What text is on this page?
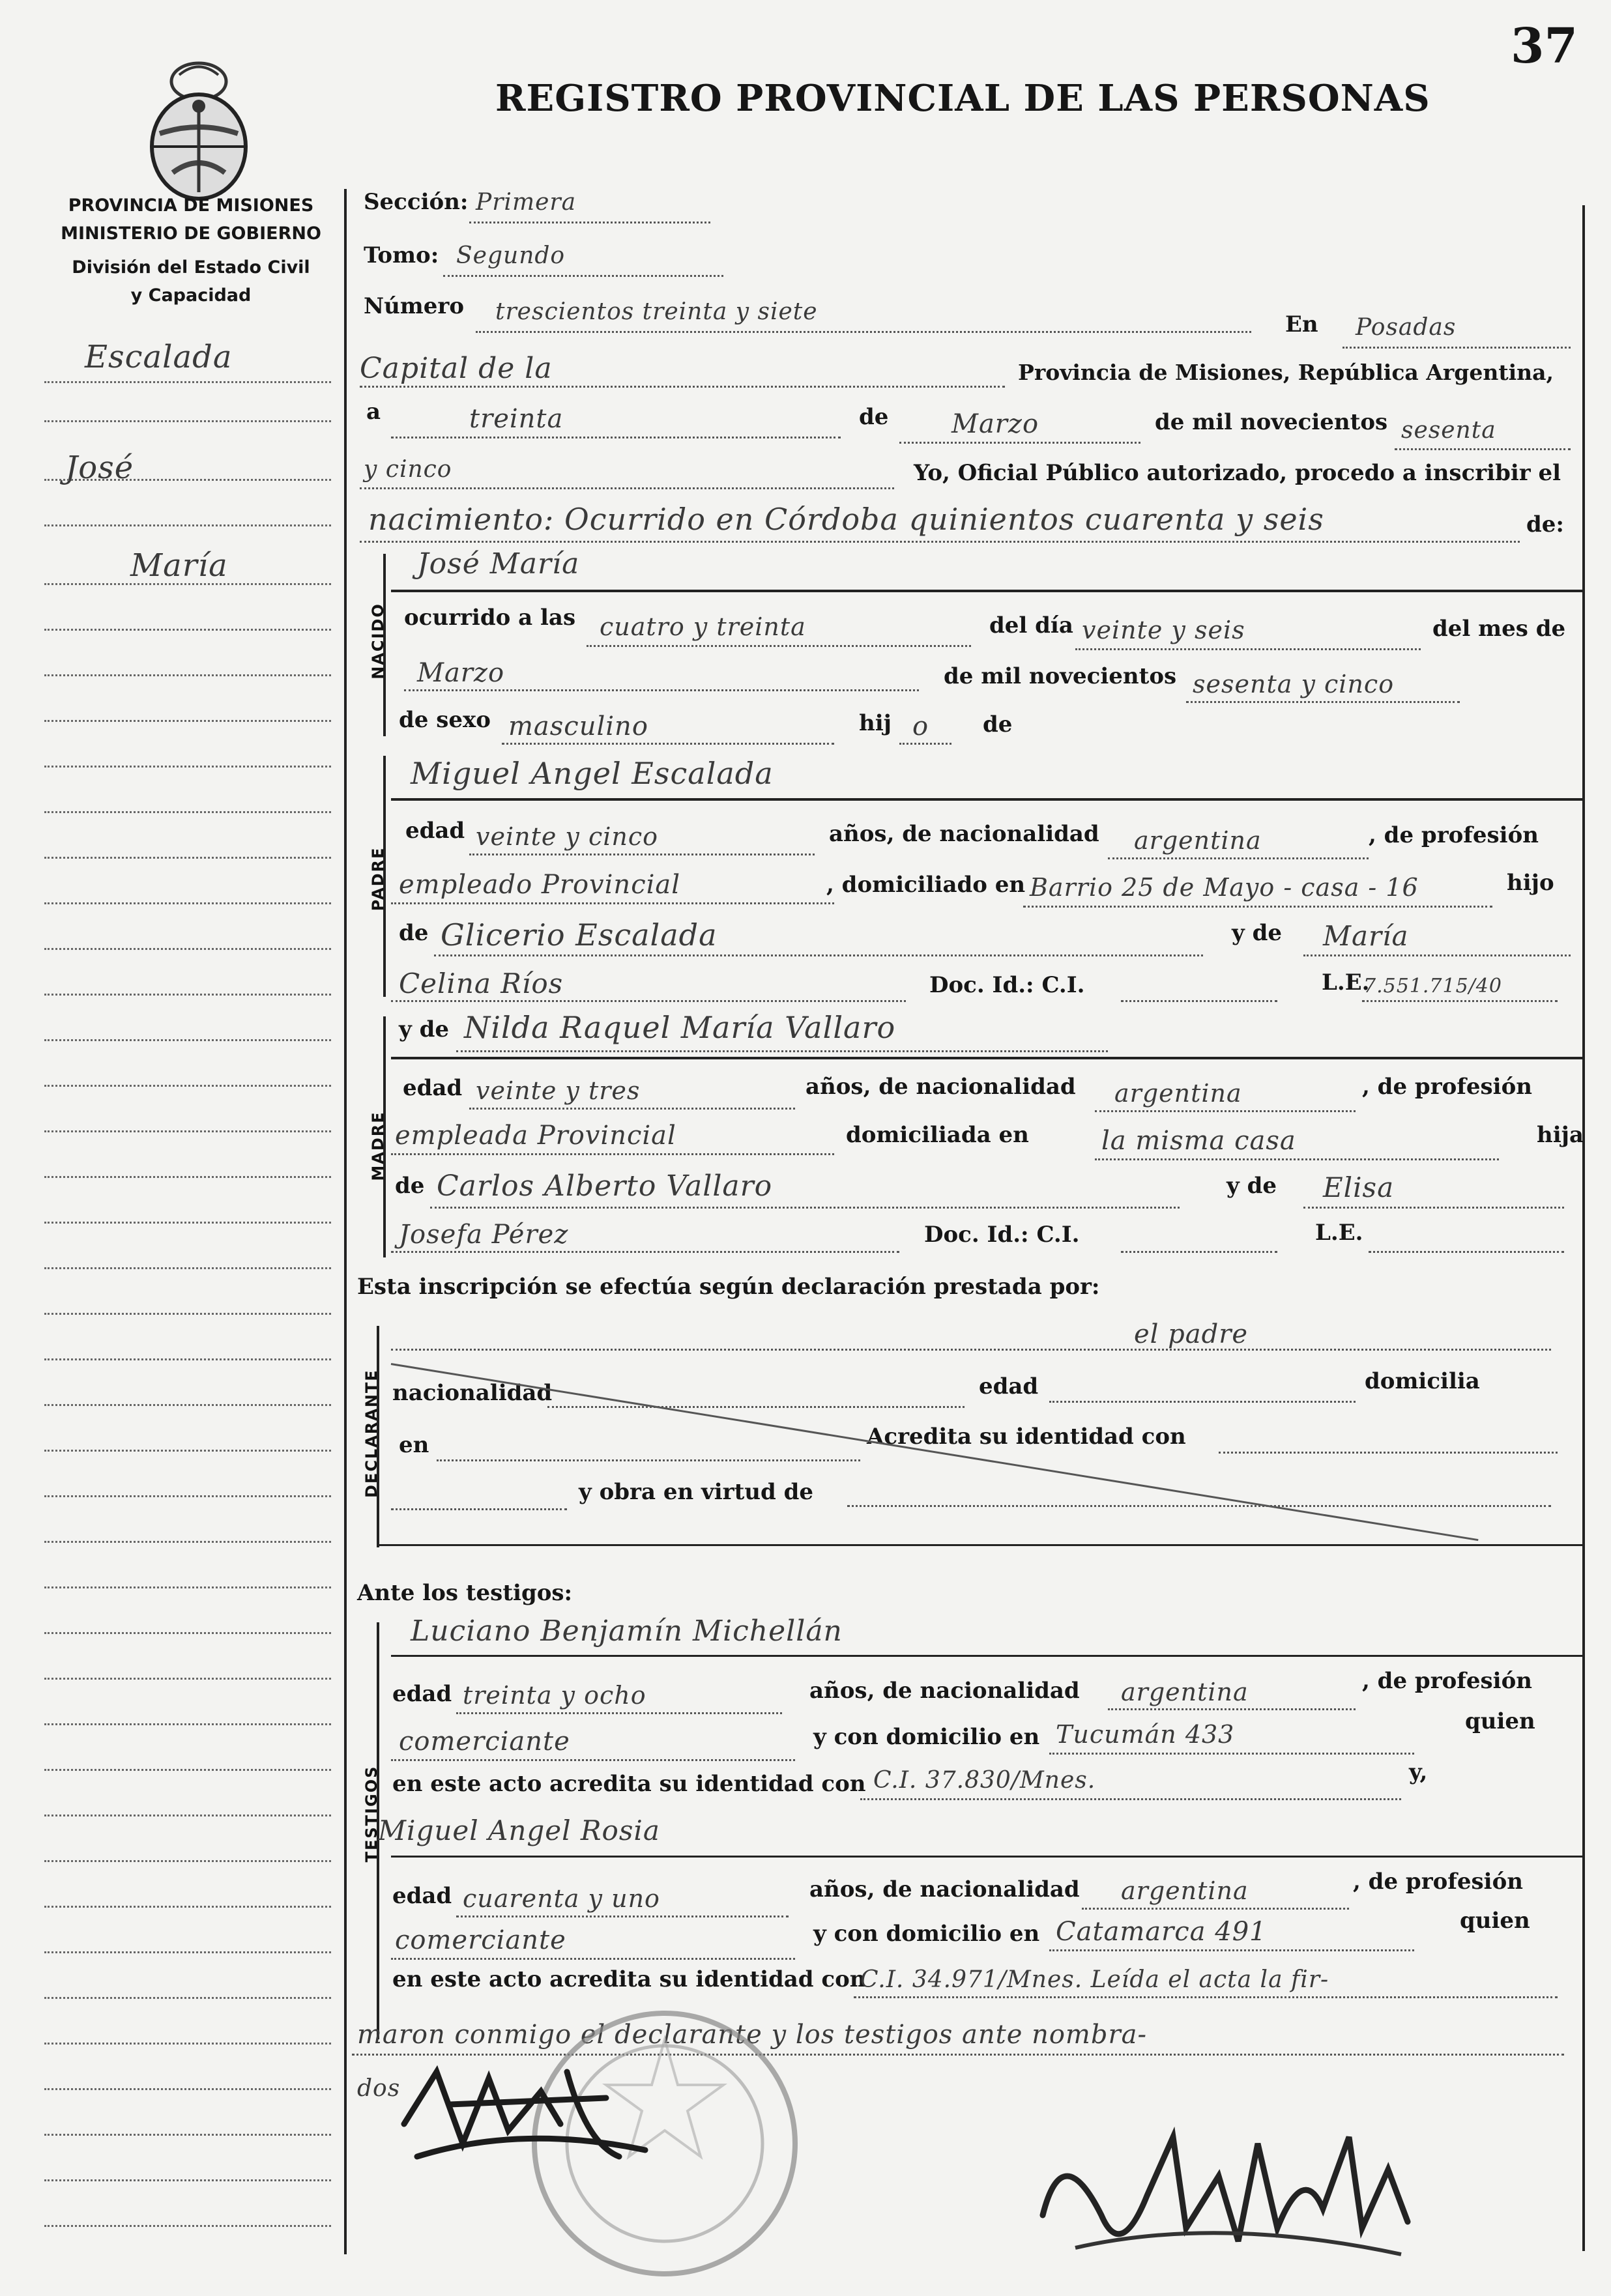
37
REGISTRO PROVINCIAL DE LAS PERSONAS
PROVINCIA DE MISIONES
MINISTERIO DE GOBIERNO
División del Estado Civil
y Capacidad
Escalada
José
María
Sección: Primera
Tomo: Segundo
Número trescientos treinta y siete	En Posadas
Capital de la	Provincia de Misiones, República Argentina,
a	treinta	de Marzo	de mil novecientos sesenta
y cinco	Yo, Oficial Público autorizado, procedo a inscribir el
nacimiento: Ocurrido en Córdoba quinientos cuarenta y seis	de:
NACIDO
José María
ocurrido a las cuatro y treinta	del día veinte y seis	del mes de
Marzo	de mil novecientos sesenta y cinco
de sexo masculino	hij o de
PADRE
Miguel Angel Escalada
edad veinte y cinco	años, de nacionalidad argentina	, de profesión
empleado Provincial	, domiciliado en Barrio 25 de Mayo - casa - 16	hijo
de Glicerio Escalada	y de María
Celina Ríos	Doc. Id.: C.I.	L.E.
7.551.715/40
MADRE
y de Nilda Raquel María Vallaro
edad veinte y tres	años, de nacionalidad argentina	, de profesión
empleada Provincial	domiciliada en	la misma casa	hija
de Carlos Alberto Vallaro	y de Elisa
Josefa Pérez	Doc. Id.: C.I.	L.E.
Esta inscripción se efectúa según declaración prestada por:
DECLARANTE
el padre
nacionalidad	edad	domicilia
en	Acredita su identidad con
y obra en virtud de
Ante los testigos:
TESTIGOS
Luciano Benjamín Michellán
edad treinta y ocho	años, de nacionalidad argentina	, de profesión
comerciante	y con domicilio en Tucumán 433	quien
en este acto acredita su identidad con C.I. 37.830/Mnes.	y,
Miguel Angel Rosia
edad cuarenta y uno	años, de nacionalidad argentina	, de profesión
comerciante	y con domicilio en Catamarca 491	quien
en este acto acredita su identidad con
C.I. 34.971/Mnes. Leída el acta la fir-
maron conmigo el declarante y los testigos ante nombra-
dos
